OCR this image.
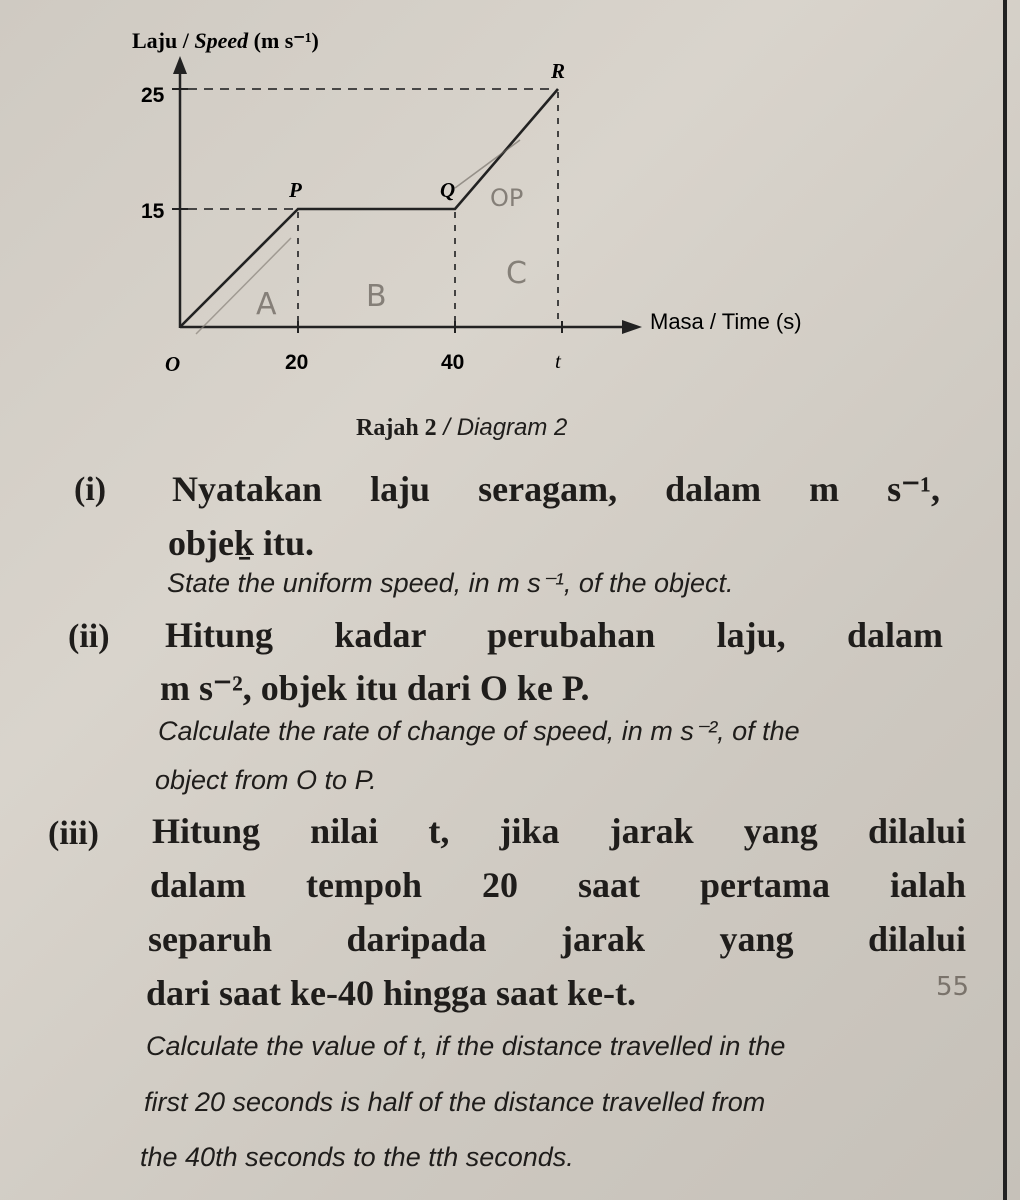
Laju / Speed (m s⁻¹)
Masa / Time (s)
25
15
O	20	40	t
P	Q
R
A	B
C
OP
Rajah 2 / Diagram 2
(i) Nyatakan laju seragam, dalam m s⁻¹,
objeḵ itu.
State the uniform speed, in m s⁻¹, of the object.
(ii) Hitung kadar perubahan laju, dalam
m s⁻², objek itu dari O ke P.
Calculate the rate of change of speed, in m s⁻², of the
object from O to P.
(iii) Hitung nilai t, jika jarak yang dilalui
dalam tempoh 20 saat pertama ialah
separuh daripada jarak yang dilalui
dari saat ke-40 hingga saat ke-t.
Calculate the value of t, if the distance travelled in the
first 20 seconds is half of the distance travelled from
the 40th seconds to the tth seconds.
55
